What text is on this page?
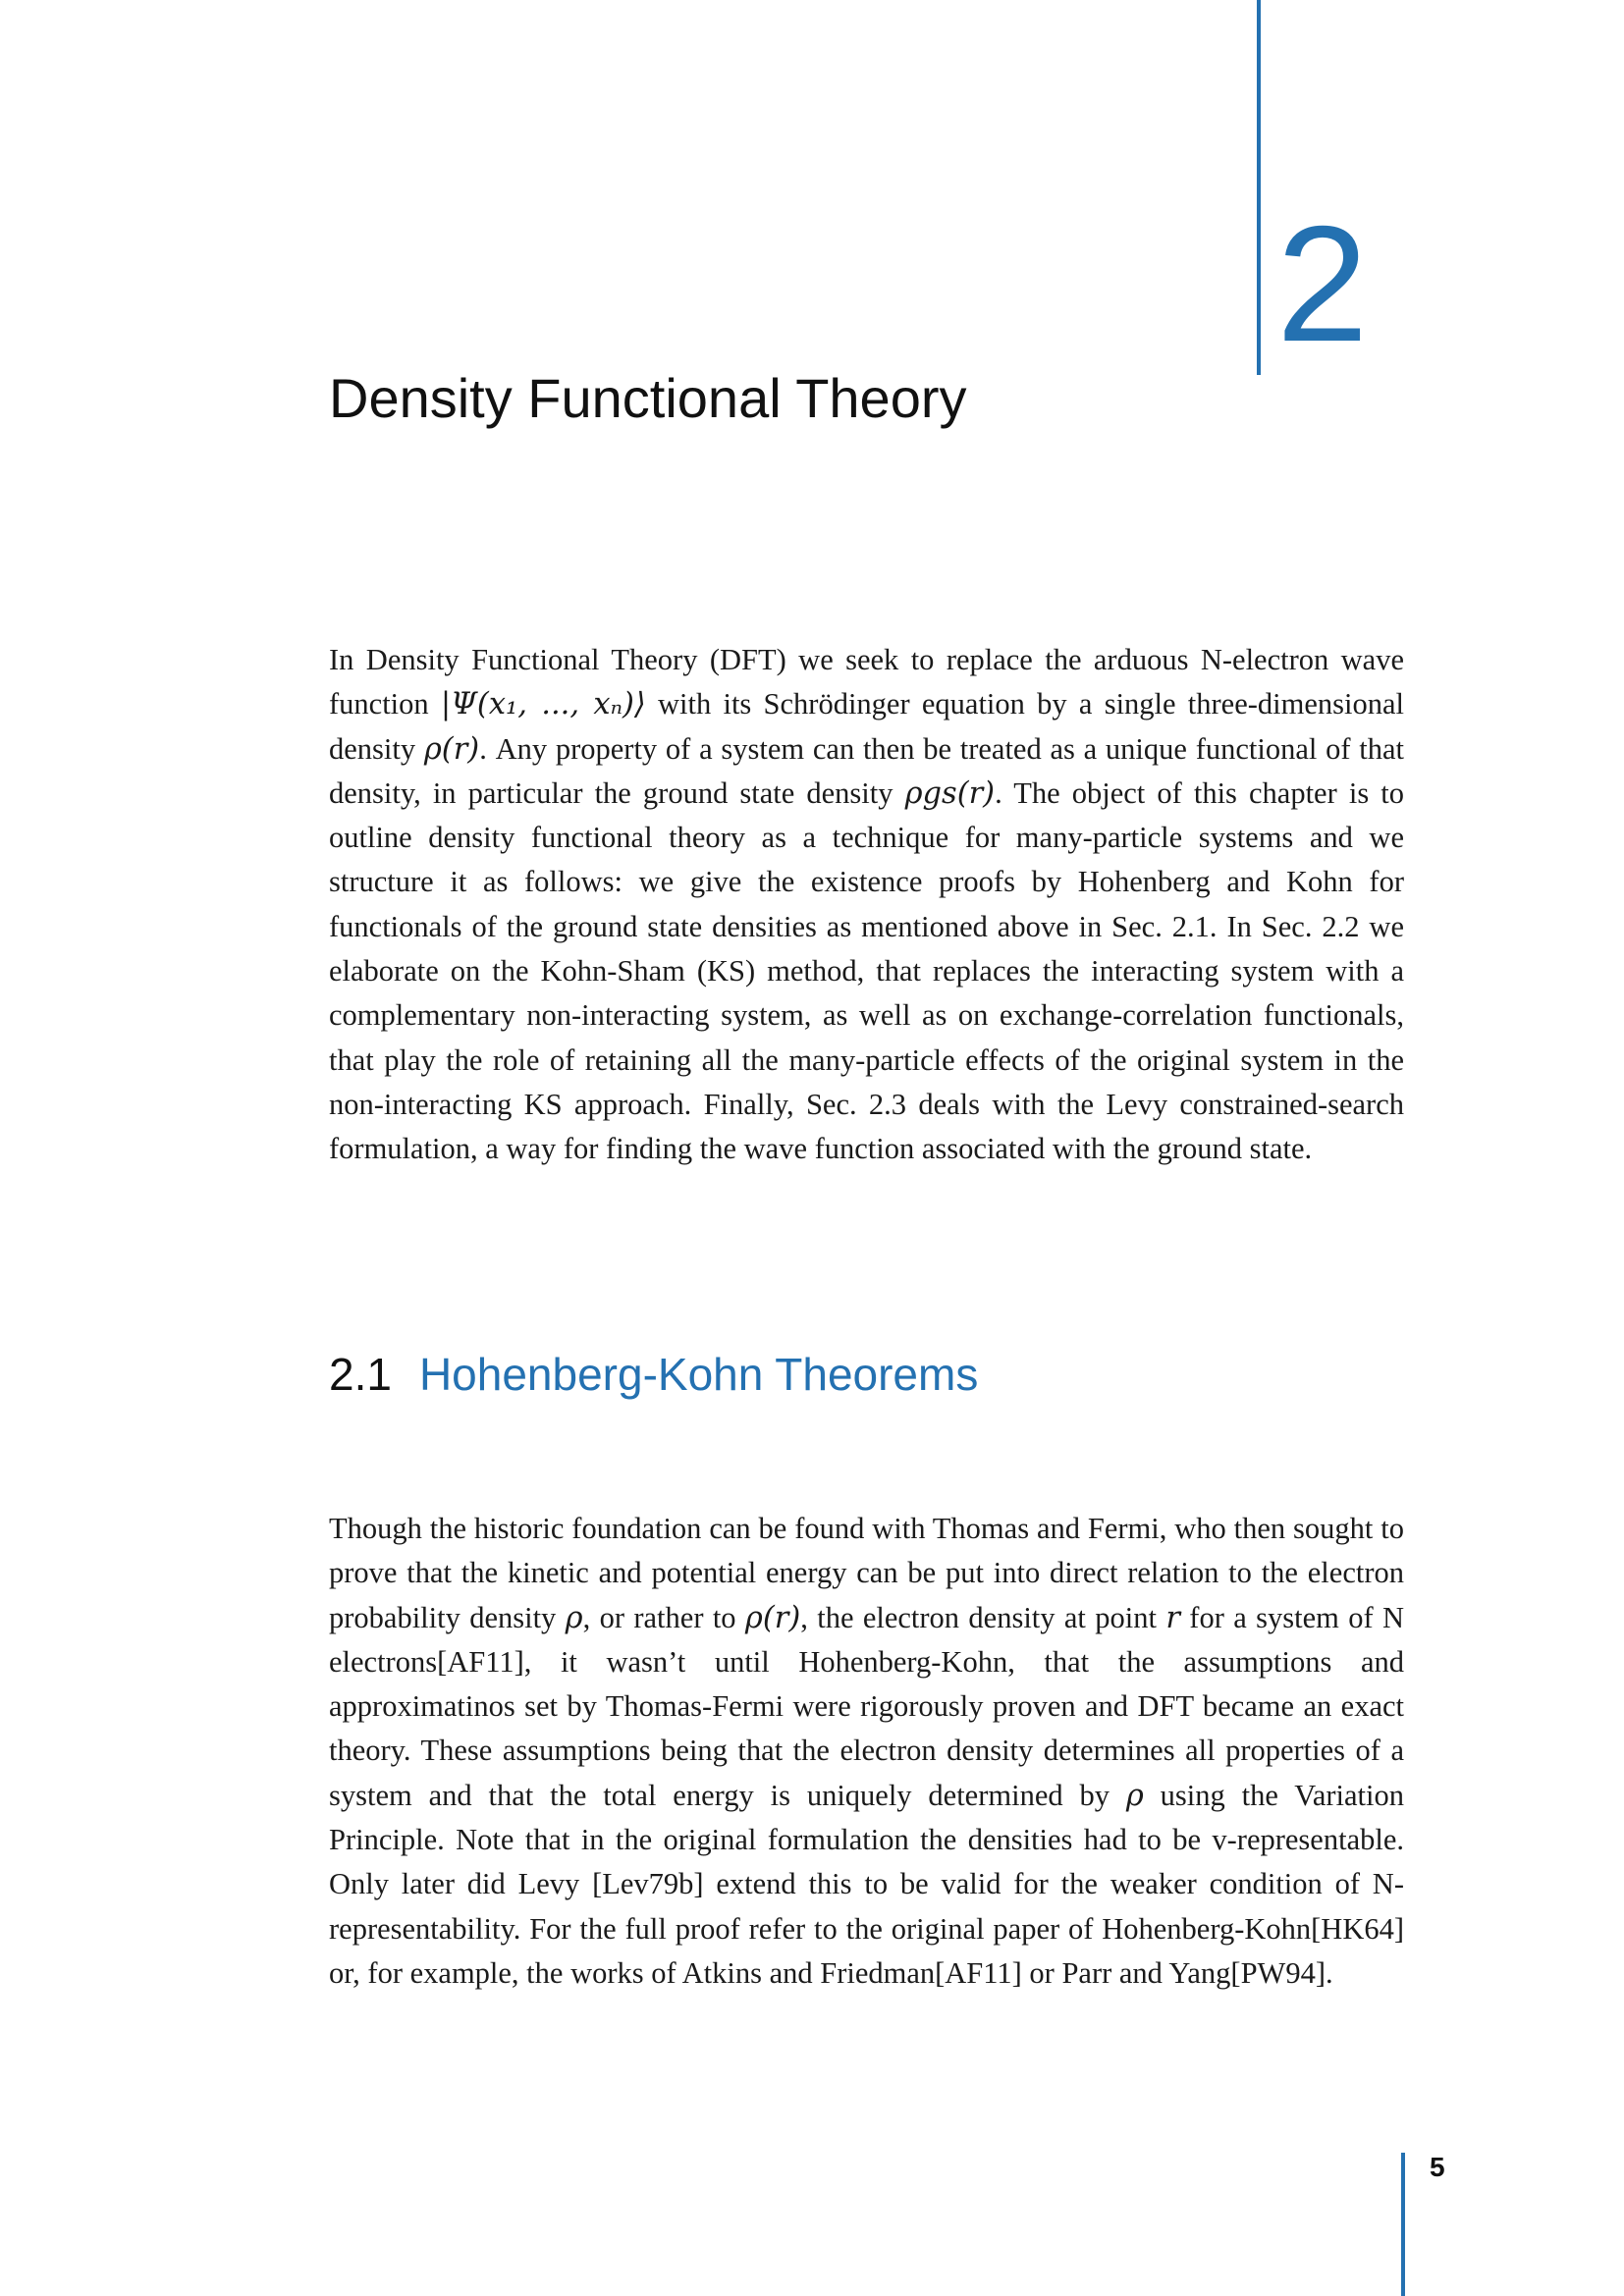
2
Density Functional Theory

In Density Functional Theory (DFT) we seek to replace the arduous N-electron wave function |Ψ(x₁, ..., xₙ)⟩ with its Schrödinger equation by a single three-dimensional density ρ(r). Any property of a system can then be treated as a unique functional of that density, in particular the ground state density ρgs(r). The object of this chapter is to outline density functional theory as a technique for many-particle systems and we structure it as follows: we give the existence proofs by Hohenberg and Kohn for functionals of the ground state densities as mentioned above in Sec. 2.1. In Sec. 2.2 we elaborate on the Kohn-Sham (KS) method, that replaces the interacting system with a complementary non-interacting system, as well as on exchange-correlation functionals, that play the role of retaining all the many-particle effects of the original system in the non-interacting KS approach. Finally, Sec. 2.3 deals with the Levy constrained-search formulation, a way for finding the wave function associated with the ground state.

2.1 Hohenberg-Kohn Theorems

Though the historic foundation can be found with Thomas and Fermi, who then sought to prove that the kinetic and potential energy can be put into direct relation to the electron probability density ρ, or rather to ρ(r), the electron density at point r for a system of N electrons[AF11], it wasn’t until Hohenberg-Kohn, that the assumptions and approximatinos set by Thomas-Fermi were rigorously proven and DFT became an exact theory. These assumptions being that the electron density determines all properties of a system and that the total energy is uniquely determined by ρ using the Variation Principle. Note that in the original formulation the densities had to be v-representable. Only later did Levy [Lev79b] extend this to be valid for the weaker condition of N-representability. For the full proof refer to the original paper of Hohenberg-Kohn[HK64] or, for example, the works of Atkins and Friedman[AF11] or Parr and Yang[PW94].

5
